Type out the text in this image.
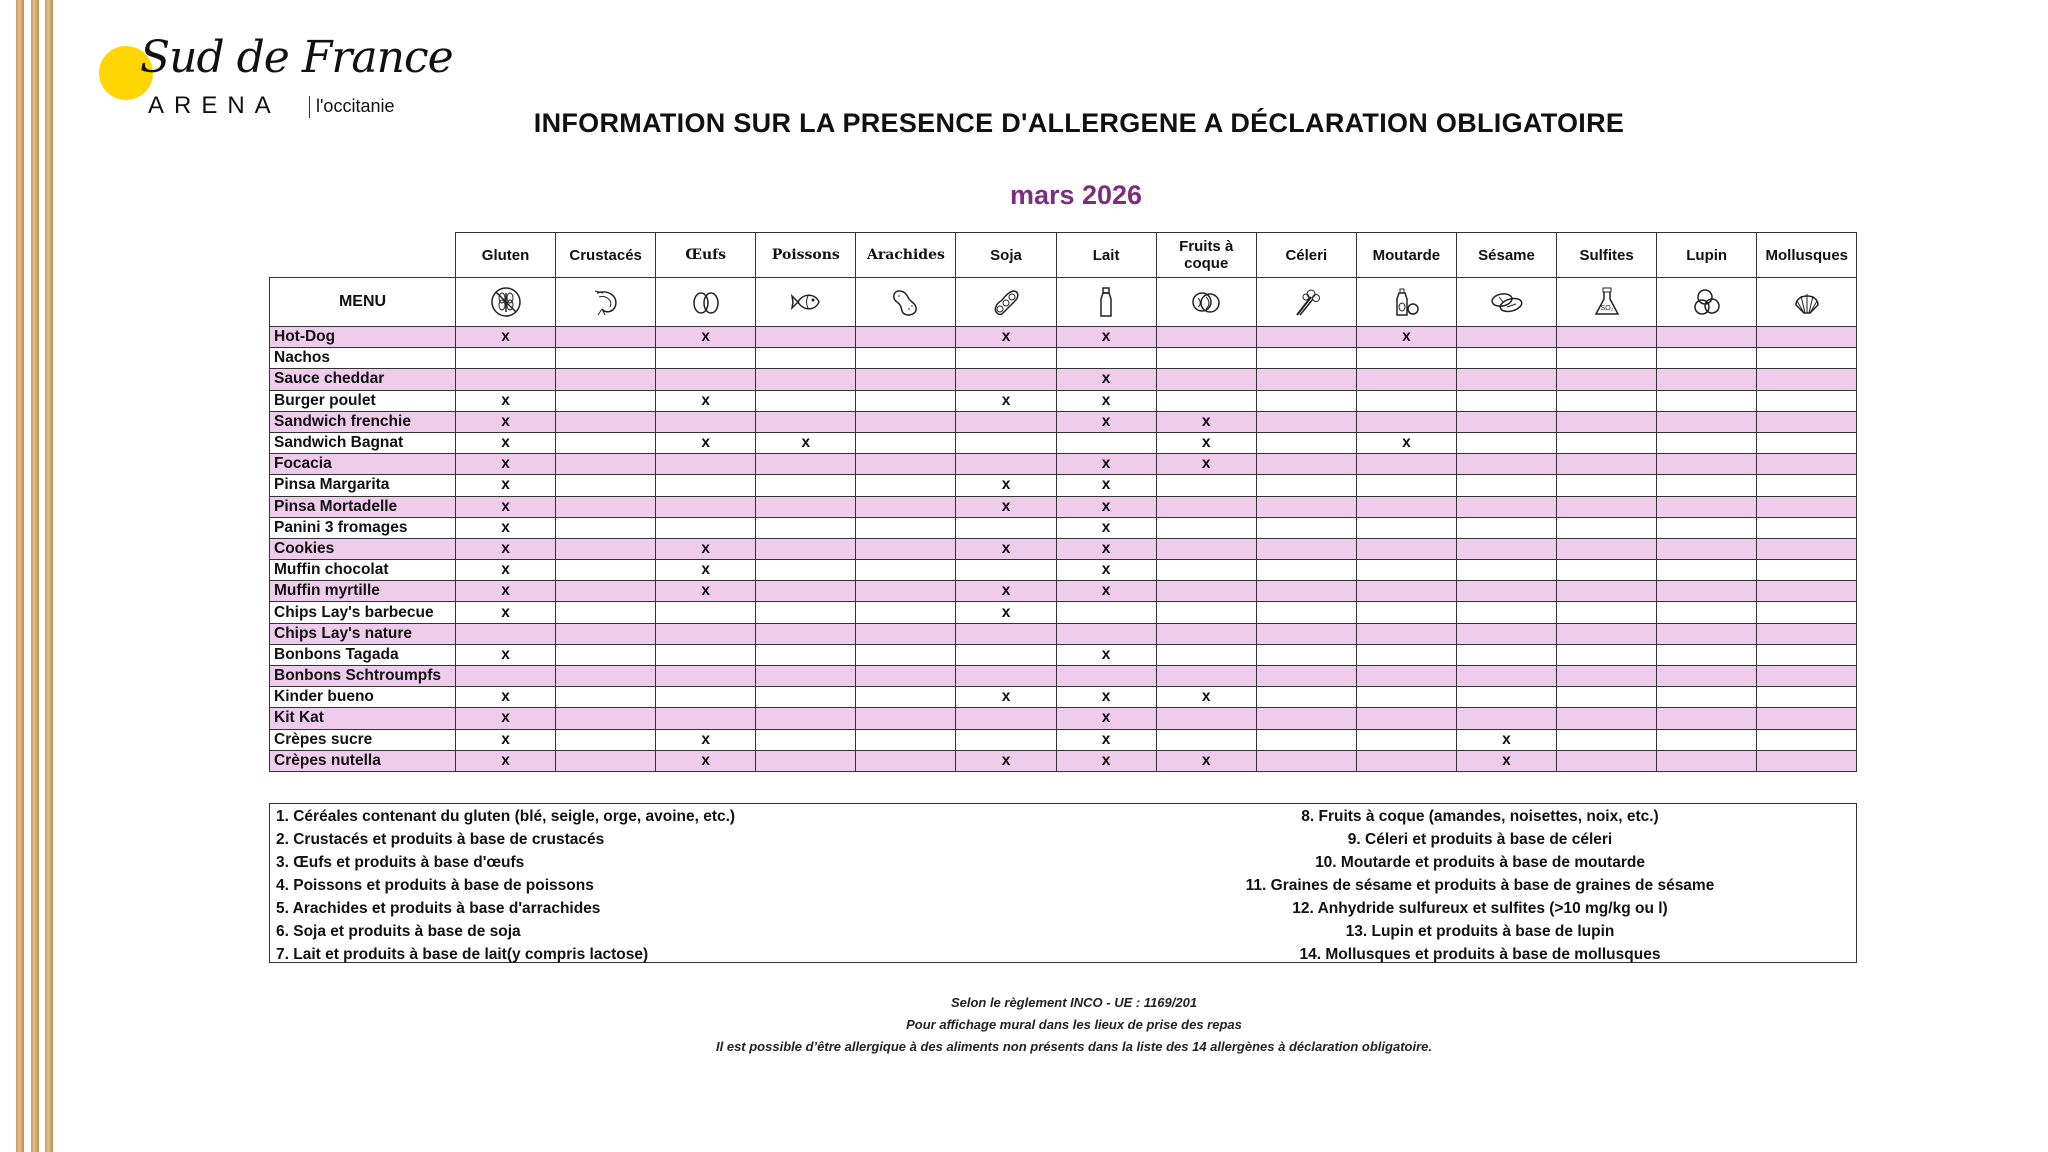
Sud de France
ARENA l'occitanie
INFORMATION SUR LA PRESENCE D'ALLERGENE A DÉCLARATION OBLIGATOIRE
mars 2026
	Gluten	Crustacés	Œufs	Poissons	Arachides	Soja	Lait	Fruits à coque	Céleri	Moutarde	Sésame	Sulfites	Lupin	Mollusques
MENU												SO₂

Hot-Dog	x		x			x	x			x				
Nachos														
Sauce cheddar							x							
Burger poulet	x		x			x	x							
Sandwich frenchie	x						x	x						
Sandwich Bagnat	x		x	x				x		x				
Focacia	x						x	x						
Pinsa Margarita	x					x	x							
Pinsa Mortadelle	x					x	x							
Panini 3 fromages	x						x							
Cookies	x		x			x	x							
Muffin chocolat	x		x				x							
Muffin myrtille	x		x			x	x							
Chips Lay's barbecue	x					x								
Chips Lay's nature														
Bonbons Tagada	x						x							
Bonbons Schtroumpfs														
Kinder bueno	x					x	x	x						
Kit Kat	x						x							
Crèpes sucre	x		x				x				x			
Crèpes nutella	x		x			x	x	x			x			
1. Céréales contenant du gluten (blé, seigle, orge, avoine, etc.)
2. Crustacés et produits à base de crustacés
3. Œufs et produits à base d'œufs
4. Poissons et produits à base de poissons
5. Arachides et produits à base d'arrachides
6. Soja et produits à base de soja
7. Lait et produits à base de lait(y compris lactose)
8. Fruits à coque (amandes, noisettes, noix, etc.)
9. Céleri et produits à base de céleri
10. Moutarde et produits à base de moutarde
11. Graines de sésame et produits à base de graines de sésame
12. Anhydride sulfureux et sulfites (>10 mg/kg ou l)
13. Lupin et produits à base de lupin
14. Mollusques et produits à base de mollusques
Selon le règlement INCO - UE : 1169/201
Pour affichage mural dans les lieux de prise des repas
Il est possible d’être allergique à des aliments non présents dans la liste des 14 allergènes à déclaration obligatoire.
